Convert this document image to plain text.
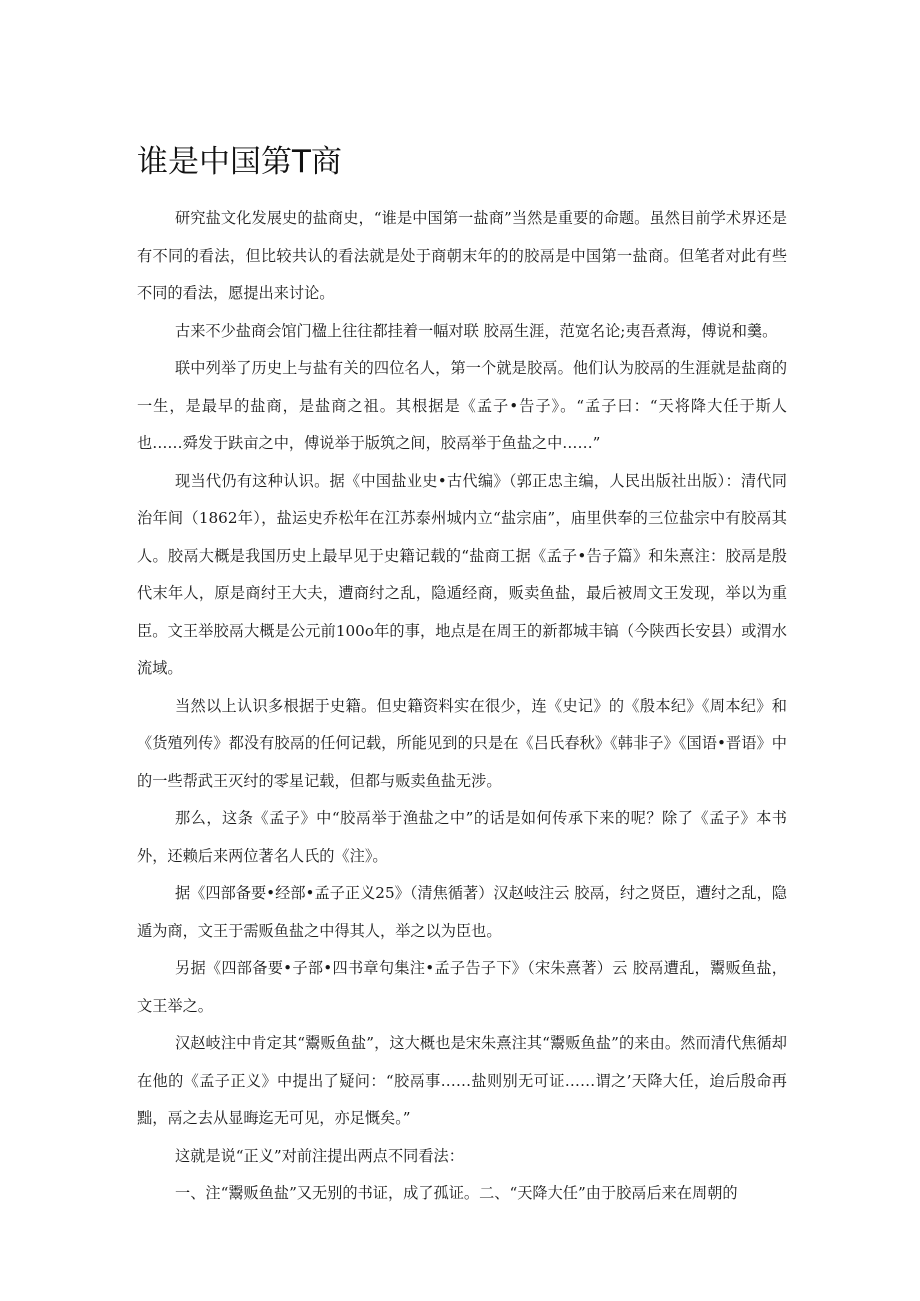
谁是中国第T商

研究盐文化发展史的盐商史，“谁是中国第一盐商”当然是重要的命题。虽然目前学术界还是有不同的看法，但比较共认的看法就是处于商朝末年的的胶鬲是中国第一盐商。但笔者对此有些不同的看法，愿提出来讨论。

古来不少盐商会馆门楹上往往都挂着一幅对联 胶鬲生涯，范宽名论;夷吾煮海，傅说和羹。

联中列举了历史上与盐有关的四位名人，第一个就是胶鬲。他们认为胶鬲的生涯就是盐商的一生，是最早的盐商，是盐商之祖。其根据是《孟子•告子》。“孟子曰：“天将降大任于斯人也……舜发于趺亩之中，傅说举于版筑之间，胶鬲举于鱼盐之中……”

现当代仍有这种认识。据《中国盐业史•古代编》（郭正忠主编，人民出版社出版）：清代同治年间（1862年），盐运史乔松年在江苏泰州城内立“盐宗庙”，庙里供奉的三位盐宗中有胶鬲其人。胶鬲大概是我国历史上最早见于史籍记载的“盐商工据《孟子•告子篇》和朱熹注：胶鬲是殷代末年人，原是商纣王大夫，遭商纣之乱，隐遁经商，贩卖鱼盐，最后被周文王发现，举以为重臣。文王举胶鬲大概是公元前100o年的事，地点是在周王的新都城丰镐（今陕西长安县）或渭水流域。

当然以上认识多根据于史籍。但史籍资料实在很少，连《史记》的《殷本纪》《周本纪》和《货殖列传》都没有胶鬲的任何记载，所能见到的只是在《吕氏春秋》《韩非子》《国语•晋语》中的一些帮武王灭纣的零星记载，但都与贩卖鱼盐无涉。

那么，这条《孟子》中“胶鬲举于渔盐之中”的话是如何传承下来的呢？除了《孟子》本书外，还赖后来两位著名人氏的《注》。

据《四部备要•经部•孟子正义25》（清焦循著）汉赵岐注云 胶鬲，纣之贤臣，遭纣之乱，隐遁为商，文王于需贩鱼盐之中得其人，举之以为臣也。

另据《四部备要•子部•四书章句集注•孟子告子下》（宋朱熹著）云 胶鬲遭乱，鬻贩鱼盐，文王举之。

汉赵岐注中肯定其“鬻贩鱼盐”，这大概也是宋朱熹注其“鬻贩鱼盐”的来由。然而清代焦循却在他的《孟子正义》中提出了疑问：“胶鬲事……盐则别无可证……谓之’天降大任，迨后殷命再黜，鬲之去从显晦迄无可见，亦足慨矣。”

这就是说“正义”对前注提出两点不同看法：

一、注“鬻贩鱼盐”又无别的书证，成了孤证。二、“天降大任”由于胶鬲后来在周朝的
